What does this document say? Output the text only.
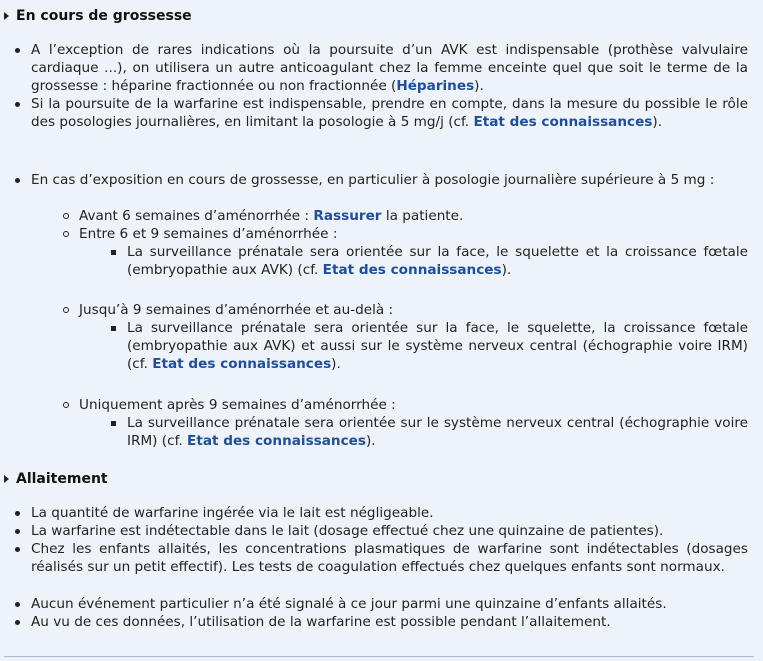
En cours de grossesse
A l’exception de rares indications où la poursuite d’un AVK est indispensable (prothèse valvulaire cardiaque ...), on utilisera un autre anticoagulant chez la femme enceinte quel que soit le terme de la grossesse : héparine fractionnée ou non fractionnée (Héparines).
Si la poursuite de la warfarine est indispensable, prendre en compte, dans la mesure du possible le rôle des posologies journalières, en limitant la posologie à 5 mg/j (cf. Etat des connaissances).
En cas d’exposition en cours de grossesse, en particulier à posologie journalière supérieure à 5 mg :
Avant 6 semaines d’aménorrhée : Rassurer la patiente.
Entre 6 et 9 semaines d’aménorrhée :
La surveillance prénatale sera orientée sur la face, le squelette et la croissance fœtale (embryopathie aux AVK) (cf. Etat des connaissances).
Jusqu’à 9 semaines d’aménorrhée et au-delà :
La surveillance prénatale sera orientée sur la face, le squelette, la croissance fœtale (embryopathie aux AVK) et aussi sur le système nerveux central (échographie voire IRM) (cf. Etat des connaissances).
Uniquement après 9 semaines d’aménorrhée :
La surveillance prénatale sera orientée sur le système nerveux central (échographie voire IRM) (cf. Etat des connaissances).
Allaitement
La quantité de warfarine ingérée via le lait est négligeable.
La warfarine est indétectable dans le lait (dosage effectué chez une quinzaine de patientes).
Chez les enfants allaités, les concentrations plasmatiques de warfarine sont indétectables (dosages réalisés sur un petit effectif). Les tests de coagulation effectués chez quelques enfants sont normaux.
Aucun événement particulier n’a été signalé à ce jour parmi une quinzaine d’enfants allaités.
Au vu de ces données, l’utilisation de la warfarine est possible pendant l’allaitement.
